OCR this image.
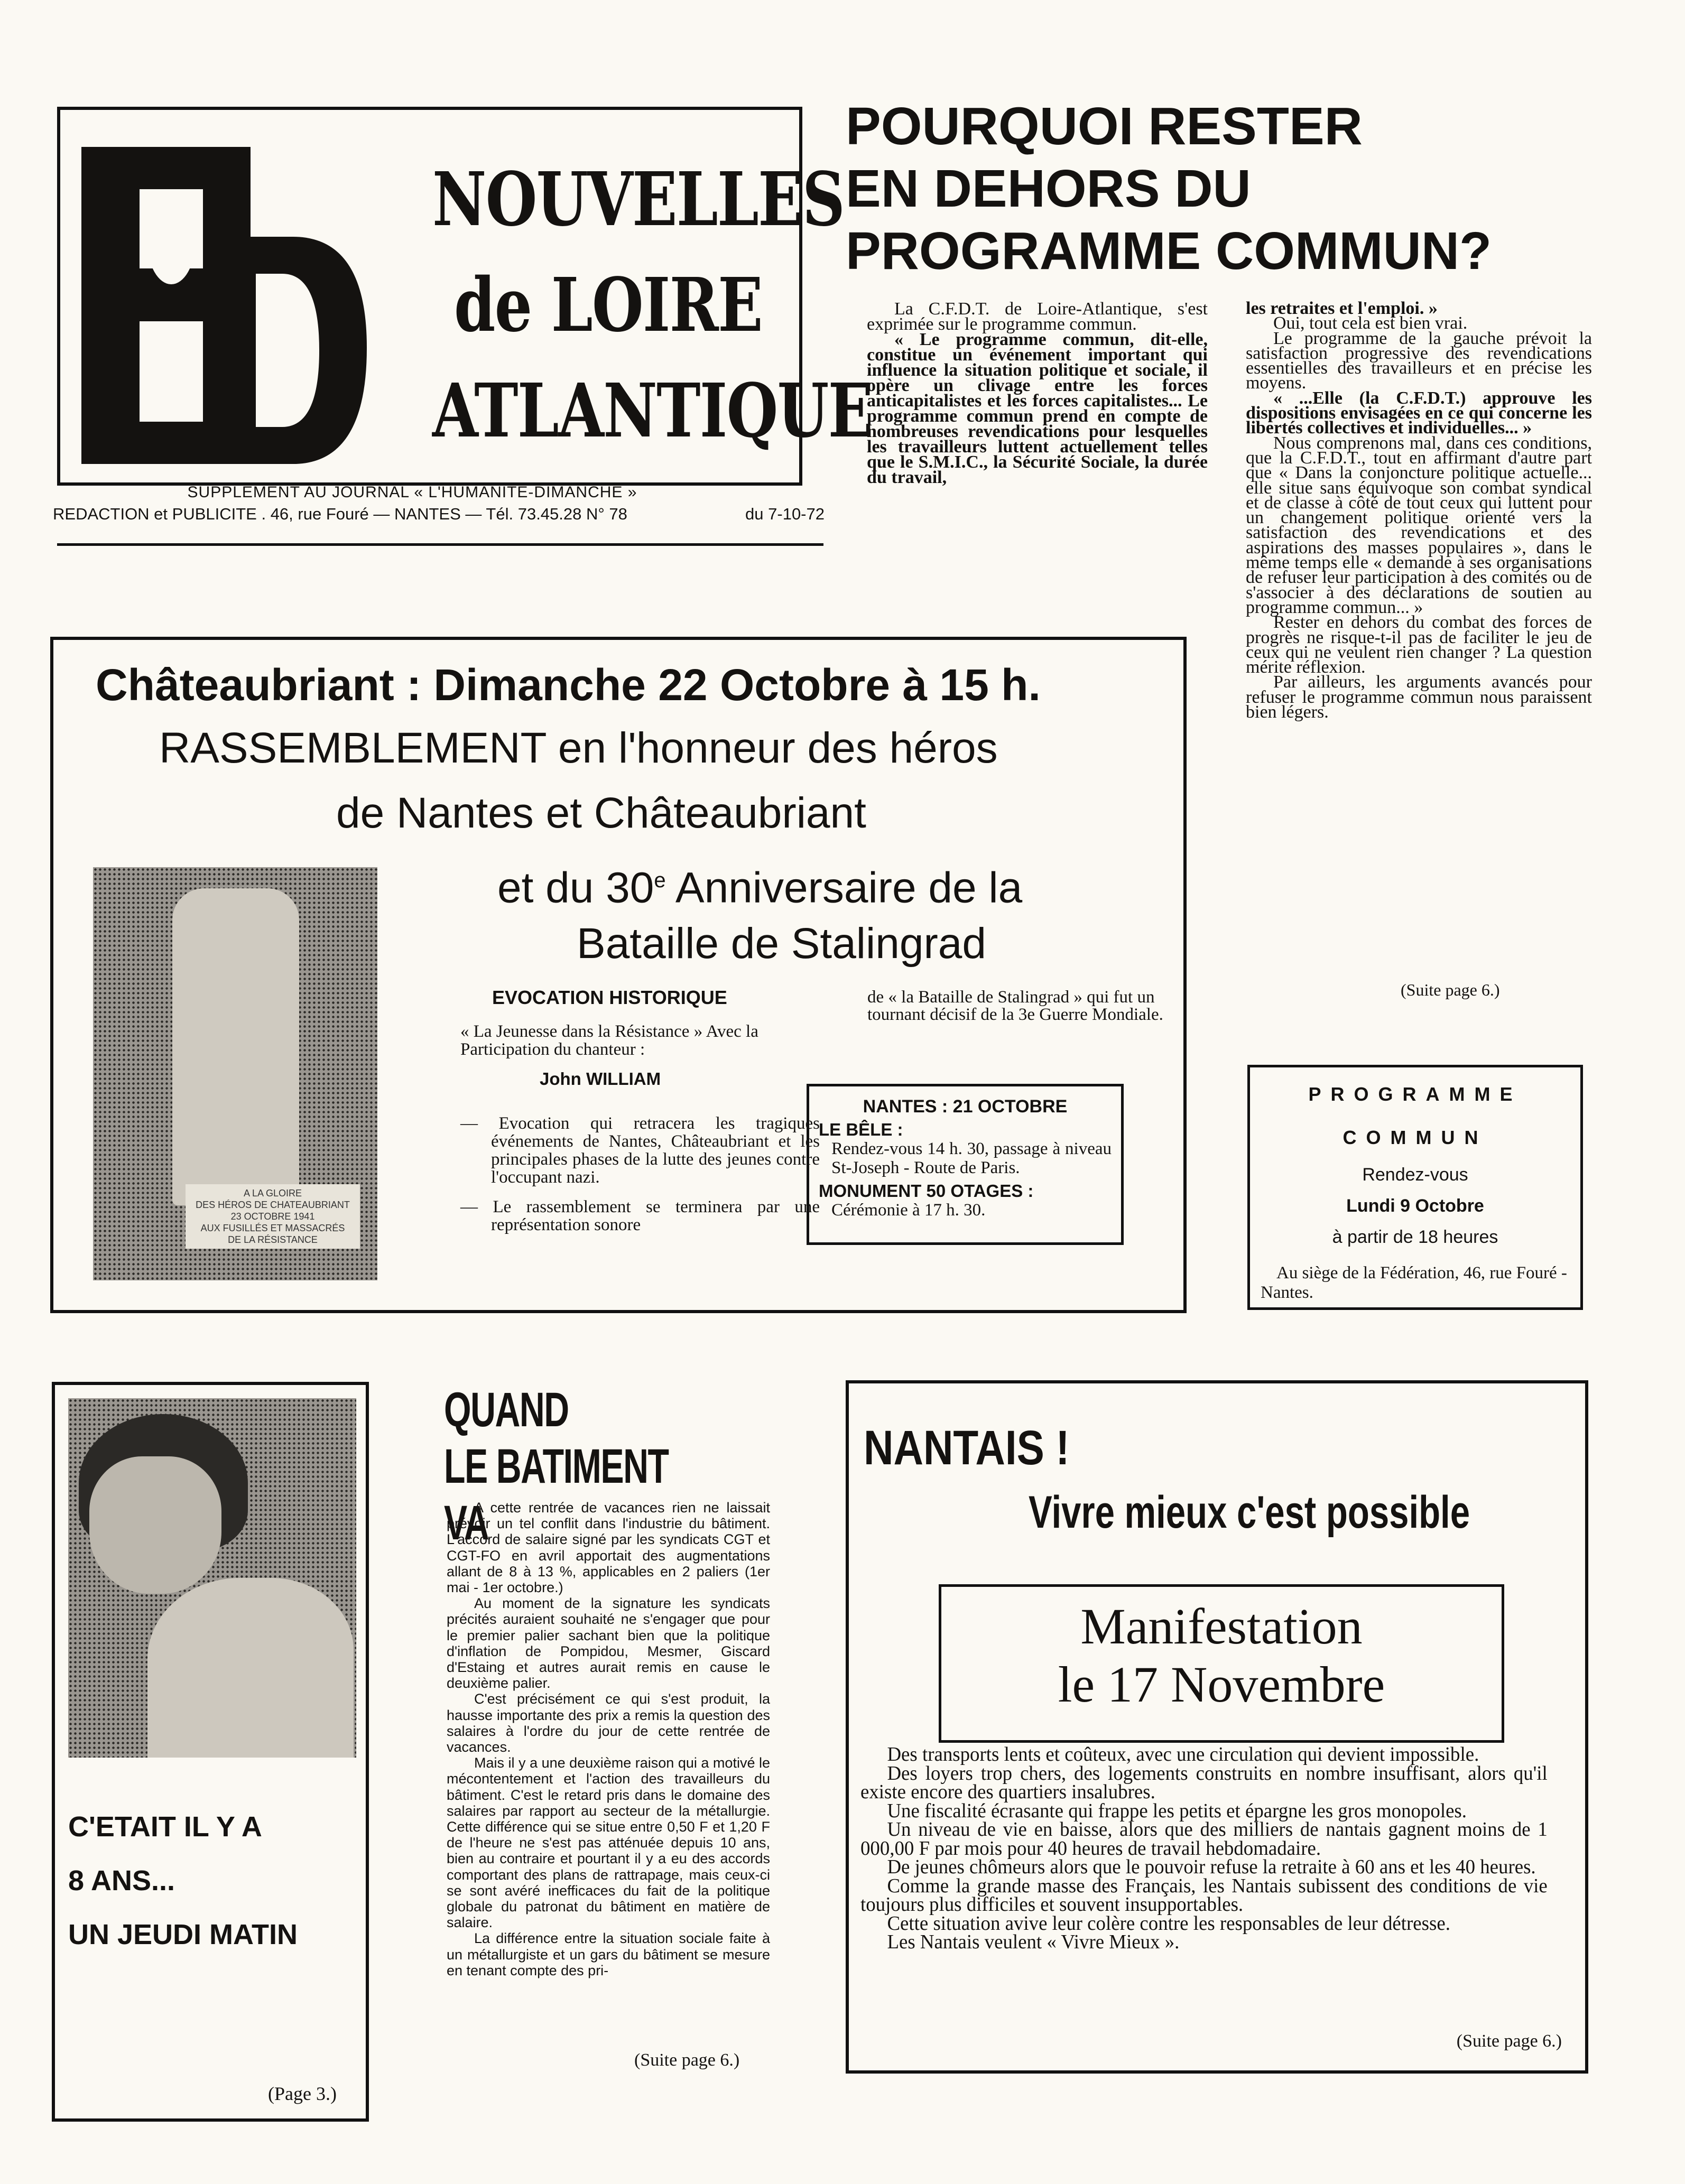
NOUVELLES
de LOIRE
ATLANTIQUE
SUPPLEMENT AU JOURNAL « L'HUMANITE-DIMANCHE »
REDACTION et PUBLICITE . 46, rue Fouré — NANTES — Tél. 73.45.28 N° 78	du 7-10-72
POURQUOI RESTER
EN DEHORS DU
PROGRAMME COMMUN?

La C.F.D.T. de Loire-Atlantique, s'est exprimée sur le programme commun.

« Le programme commun, dit-elle, constitue un événement important qui influence la situation politique et sociale, il opère un clivage entre les forces anticapitalistes et les forces capitalistes... Le programme commun prend en compte de nombreuses revendications pour lesquelles les travailleurs luttent actuellement telles que le S.M.I.C., la Sécurité Sociale, la durée du travail,

les retraites et l'emploi. »

Oui, tout cela est bien vrai.

Le programme de la gauche prévoit la satisfaction progressive des revendications essentielles des travailleurs et en précise les moyens.

« ...Elle (la C.F.D.T.) approuve les dispositions envisagées en ce qui concerne les libertés collectives et individuelles... »

Nous comprenons mal, dans ces conditions, que la C.F.D.T., tout en affirmant d'autre part que « Dans la conjoncture politique actuelle... elle situe sans équivoque son combat syndical et de classe à côté de tout ceux qui luttent pour un changement politique orienté vers la satisfaction des revendications et des aspirations des masses populaires », dans le même temps elle « demande à ses organisations de refuser leur participation à des comités ou de s'associer à des déclarations de soutien au programme commun... »

Rester en dehors du combat des forces de progrès ne risque-t-il pas de faciliter le jeu de ceux qui ne veulent rien changer ? La question mérite réflexion.

Par ailleurs, les arguments avancés pour refuser le programme commun nous paraissent bien légers.

(Suite page 6.)
Châteaubriant : Dimanche 22 Octobre à 15 h.
RASSEMBLEMENT en l'honneur des héros
de Nantes et Châteaubriant
et du 30e Anniversaire de la
Bataille de Stalingrad
A LA GLOIRE
DES HÉROS DE CHATEAUBRIANT
23 OCTOBRE 1941
AUX FUSILLÉS ET MASSACRÉS
DE LA RÉSISTANCE
EVOCATION HISTORIQUE

« La Jeunesse dans la Résistance » Avec la Participation du chanteur :

John WILLIAM

— Evocation qui retracera les tragiques événements de Nantes, Châteaubriant et les principales phases de la lutte des jeunes contre l'occupant nazi.

— Le rassemblement se terminera par une représentation sonore

de « la Bataille de Stalingrad » qui fut un tournant décisif de la 3e Guerre Mondiale.

NANTES : 21 OCTOBRE
LE BÊLE :

Rendez-vous 14 h. 30, passage à niveau St-Joseph - Route de Paris.

MONUMENT 50 OTAGES :

Cérémonie à 17 h. 30.

PROGRAMME
COMMUN
Rendez-vous
Lundi 9 Octobre
à partir de 18 heures

Au siège de la Fédération, 46, rue Fouré - Nantes.

C'ETAIT IL Y A
8 ANS...
UN JEUDI MATIN
(Page 3.)
QUAND
LE BATIMENT VA

A cette rentrée de vacances rien ne laissait prévoir un tel conflit dans l'industrie du bâtiment. L'accord de salaire signé par les syndicats CGT et CGT-FO en avril apportait des augmentations allant de 8 à 13 %, applicables en 2 paliers (1er mai - 1er octobre.)

Au moment de la signature les syndicats précités auraient souhaité ne s'engager que pour le premier palier sachant bien que la politique d'inflation de Pompidou, Mesmer, Giscard d'Estaing et autres aurait remis en cause le deuxième palier.

C'est précisément ce qui s'est produit, la hausse importante des prix a remis la question des salaires à l'ordre du jour de cette rentrée de vacances.

Mais il y a une deuxième raison qui a motivé le mécontentement et l'action des travailleurs du bâtiment. C'est le retard pris dans le domaine des salaires par rapport au secteur de la métallurgie. Cette différence qui se situe entre 0,50 F et 1,20 F de l'heure ne s'est pas atténuée depuis 10 ans, bien au contraire et pourtant il y a eu des accords comportant des plans de rattrapage, mais ceux-ci se sont avéré inefficaces du fait de la politique globale du patronat du bâtiment en matière de salaire.

La différence entre la situation sociale faite à un métallurgiste et un gars du bâtiment se mesure en tenant compte des pri-

(Suite page 6.)
NANTAIS !
Vivre mieux c'est possible
Manifestation
le 17 Novembre

Des transports lents et coûteux, avec une circulation qui devient impossible.

Des loyers trop chers, des logements construits en nombre insuffisant, alors qu'il existe encore des quartiers insalubres.

Une fiscalité écrasante qui frappe les petits et épargne les gros monopoles.

Un niveau de vie en baisse, alors que des milliers de nantais gagnent moins de 1 000,00 F par mois pour 40 heures de travail hebdomadaire.

De jeunes chômeurs alors que le pouvoir refuse la retraite à 60 ans et les 40 heures.

Comme la grande masse des Français, les Nantais subissent des conditions de vie toujours plus difficiles et souvent insupportables.

Cette situation avive leur colère contre les responsables de leur détresse.

Les Nantais veulent « Vivre Mieux ».

(Suite page 6.)
